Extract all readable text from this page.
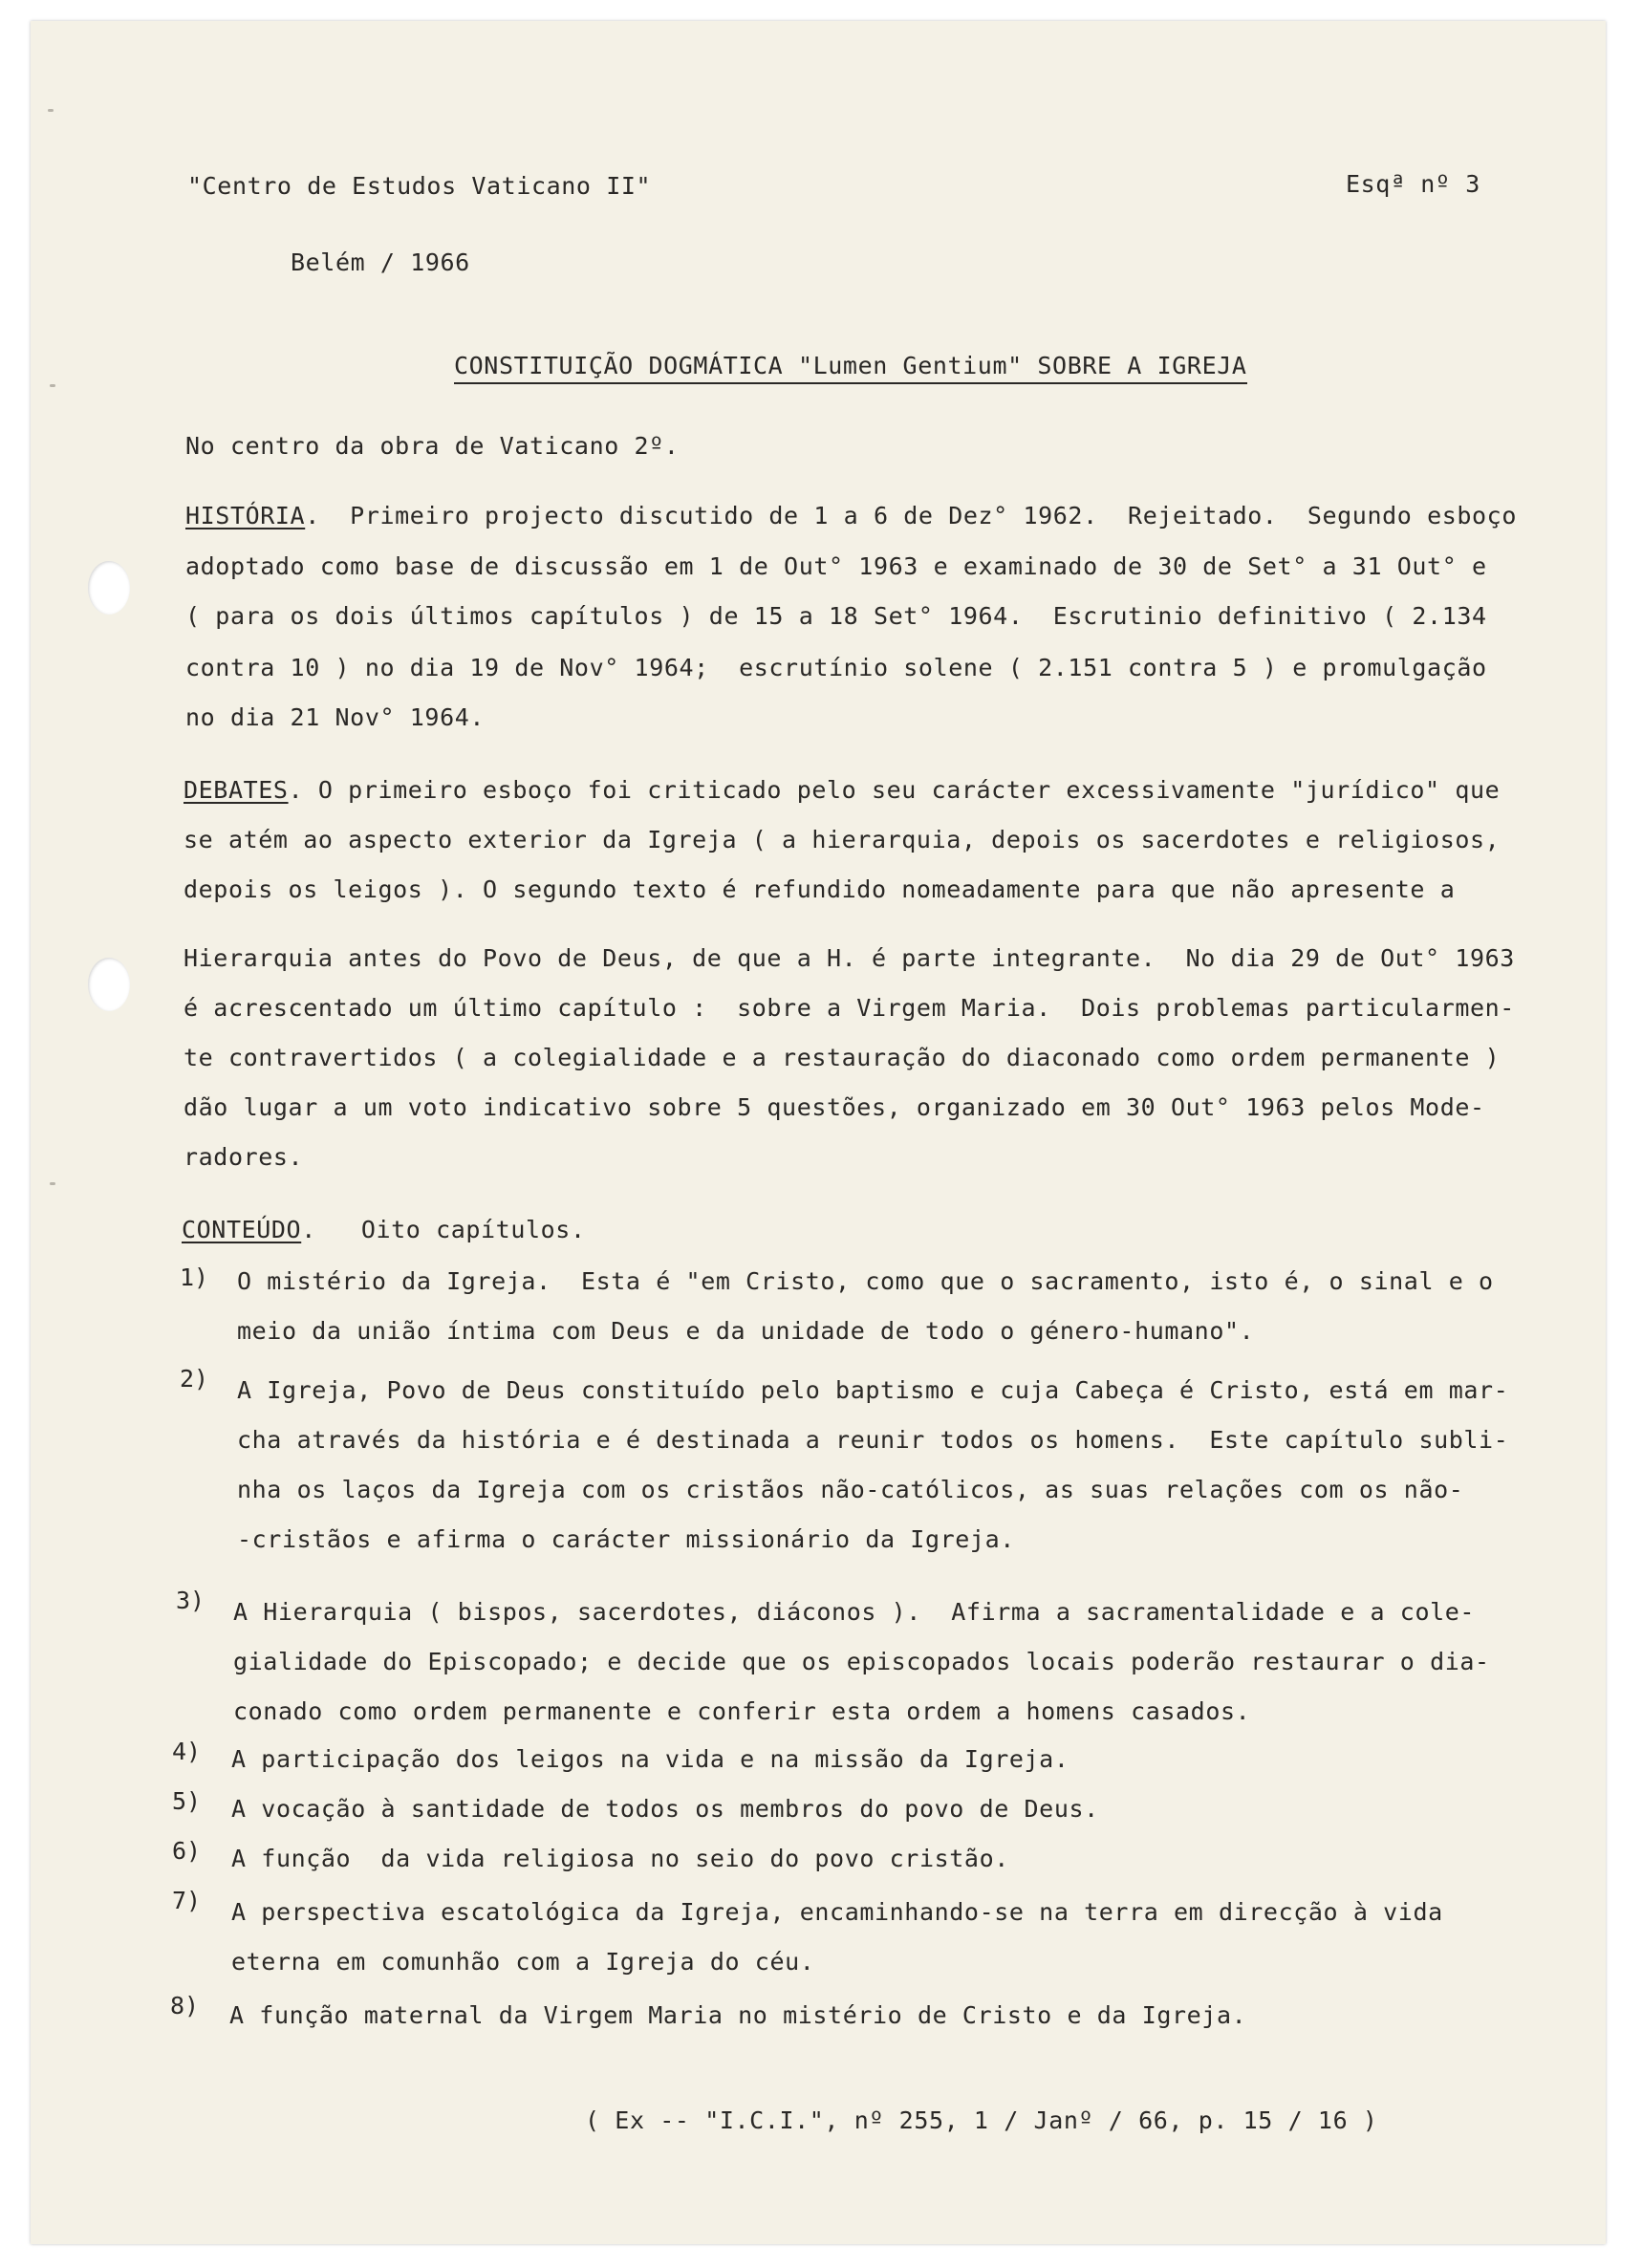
"Centro de Estudos Vaticano II"	Esqª nº 3
Belém / 1966
CONSTITUIÇÃO DOGMÁTICA "Lumen Gentium" SOBRE A IGREJA
No centro da obra de Vaticano 2º.
HISTÓRIA.  Primeiro projecto discutido de 1 a 6 de Dez° 1962.  Rejeitado.  Segundo esboço
adoptado como base de discussão em 1 de Out° 1963 e examinado de 30 de Set° a 31 Out° e
( para os dois últimos capítulos ) de 15 a 18 Set° 1964.  Escrutinio definitivo ( 2.134
contra 10 ) no dia 19 de Nov° 1964;  escrutínio solene ( 2.151 contra 5 ) e promulgação
no dia 21 Nov° 1964.
DEBATES. O primeiro esboço foi criticado pelo seu carácter excessivamente "jurídico" que
se atém ao aspecto exterior da Igreja ( a hierarquia, depois os sacerdotes e religiosos,
depois os leigos ). O segundo texto é refundido nomeadamente para que não apresente a
Hierarquia antes do Povo de Deus, de que a H. é parte integrante.  No dia 29 de Out° 1963
é acrescentado um último capítulo :  sobre a Virgem Maria.  Dois problemas particularmen-
te contravertidos ( a colegialidade e a restauração do diaconado como ordem permanente )
dão lugar a um voto indicativo sobre 5 questões, organizado em 30 Out° 1963 pelos Mode-
radores.
CONTEÚDO.   Oito capítulos.
1) O mistério da Igreja.  Esta é "em Cristo, como que o sacramento, isto é, o sinal e o
meio da união íntima com Deus e da unidade de todo o género-humano".
2) A Igreja, Povo de Deus constituído pelo baptismo e cuja Cabeça é Cristo, está em mar-
cha através da história e é destinada a reunir todos os homens.  Este capítulo subli-
nha os laços da Igreja com os cristãos não-católicos, as suas relações com os não-
-cristãos e afirma o carácter missionário da Igreja.
3) A Hierarquia ( bispos, sacerdotes, diáconos ).  Afirma a sacramentalidade e a cole-
gialidade do Episcopado; e decide que os episcopados locais poderão restaurar o dia-
conado como ordem permanente e conferir esta ordem a homens casados.
4) A participação dos leigos na vida e na missão da Igreja.
5) A vocação à santidade de todos os membros do povo de Deus.
6) A função  da vida religiosa no seio do povo cristão.
7) A perspectiva escatológica da Igreja, encaminhando-se na terra em direcção à vida
eterna em comunhão com a Igreja do céu.
8) A função maternal da Virgem Maria no mistério de Cristo e da Igreja.
( Ex -- "I.C.I.", nº 255, 1 / Janº / 66, p. 15 / 16 )
